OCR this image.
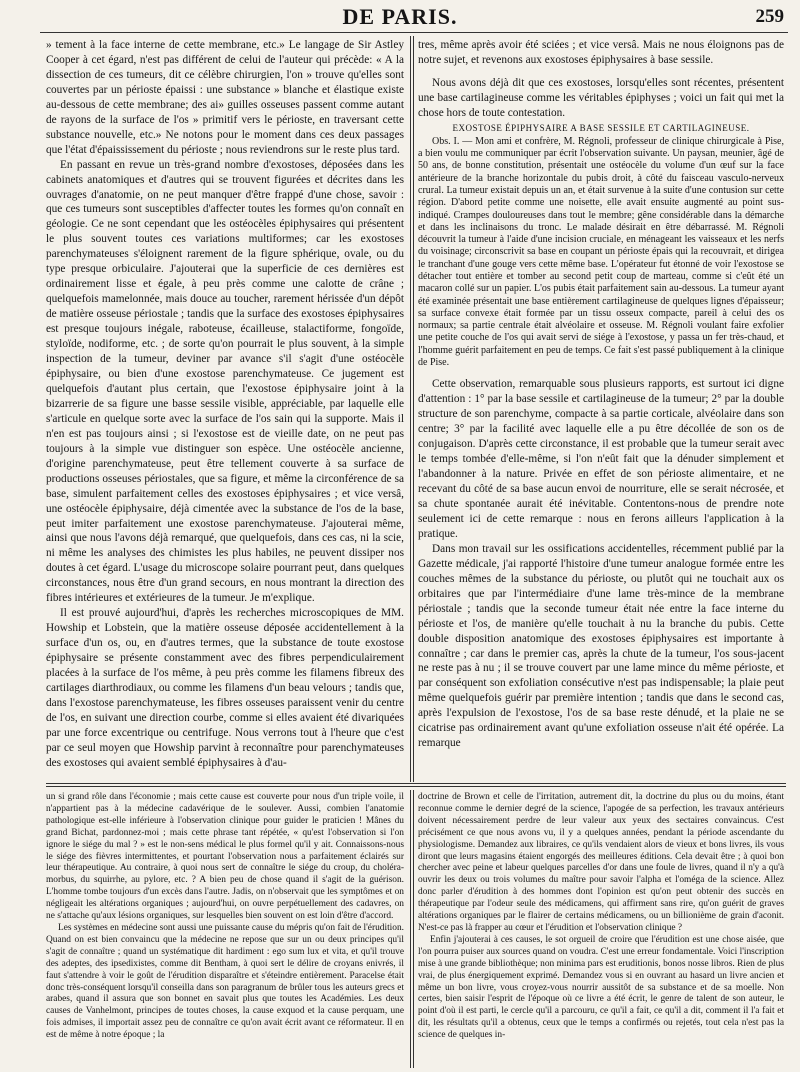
DE PARIS.	259

» tement à la face interne de cette membrane, etc.» Le langage de Sir Astley Cooper à cet égard, n'est pas différent de celui de l'auteur qui précède: « A la dissection de ces tumeurs, dit ce célèbre chirurgien, l'on » trouve qu'elles sont couvertes par un périoste épaissi : une substance » blanche et élastique existe au-dessous de cette membrane; des ai» guilles osseuses passent comme autant de rayons de la surface de l'os » primitif vers le périoste, en traversant cette substance nouvelle, etc.» Ne notons pour le moment dans ces deux passages que l'état d'épaississement du périoste ; nous reviendrons sur le reste plus tard.

En passant en revue un très-grand nombre d'exostoses, déposées dans les cabinets anatomiques et d'autres qui se trouvent figurées et décrites dans les ouvrages d'anatomie, on ne peut manquer d'être frappé d'une chose, savoir : que ces tumeurs sont susceptibles d'affecter toutes les formes qu'on connaît en géologie. Ce ne sont cependant que les ostéocèles épiphysaires qui présentent le plus souvent toutes ces variations multiformes; car les exostoses parenchymateuses s'éloignent rarement de la figure sphérique, ovale, ou du type presque orbiculaire. J'ajouterai que la superficie de ces dernières est ordinairement lisse et égale, à peu près comme une calotte de crâne ; quelquefois mamelonnée, mais douce au toucher, rarement hérissée d'un dépôt de matière osseuse périostale ; tandis que la surface des exostoses épiphysaires est presque toujours inégale, raboteuse, écailleuse, stalactiforme, fongoïde, styloïde, nodiforme, etc. ; de sorte qu'on pourrait le plus souvent, à la simple inspection de la tumeur, deviner par avance s'il s'agit d'une ostéocèle épiphysaire, ou bien d'une exostose parenchymateuse. Ce jugement est quelquefois d'autant plus certain, que l'exostose épiphysaire joint à la bizarrerie de sa figure une basse sessile visible, appréciable, par laquelle elle s'articule en quelque sorte avec la surface de l'os sain qui la supporte. Mais il n'en est pas toujours ainsi ; si l'exostose est de vieille date, on ne peut pas toujours à la simple vue distinguer son espèce. Une ostéocèle ancienne, d'origine parenchymateuse, peut être tellement couverte à sa surface de productions osseuses périostales, que sa figure, et même la circonférence de sa base, simulent parfaitement celles des exostoses épiphysaires ; et vice versâ, une ostéocèle épiphysaire, déjà cimentée avec la substance de l'os de la base, peut imiter parfaitement une exostose parenchymateuse. J'ajouterai même, ainsi que nous l'avons déjà remarqué, que quelquefois, dans ces cas, ni la scie, ni même les analyses des chimistes les plus habiles, ne peuvent dissiper nos doutes à cet égard. L'usage du microscope solaire pourrant peut, dans quelques circonstances, nous être d'un grand secours, en nous montrant la direction des fibres intérieures et extérieures de la tumeur. Je m'explique.

Il est prouvé aujourd'hui, d'après les recherches microscopiques de MM. Howship et Lobstein, que la matière osseuse déposée accidentellement à la surface d'un os, ou, en d'autres termes, que la substance de toute exostose épiphysaire se présente constamment avec des fibres perpendiculairement placées à la surface de l'os même, à peu près comme les filamens fibreux des cartilages diarthrodiaux, ou comme les filamens d'un beau velours ; tandis que, dans l'exostose parenchymateuse, les fibres osseuses paraissent venir du centre de l'os, en suivant une direction courbe, comme si elles avaient été divariquées par une force excentrique ou centrifuge. Nous verrons tout à l'heure que c'est par ce seul moyen que Howship parvint à reconnaître pour parenchymateuses des exostoses qui avaient semblé épiphysaires à d'au-

tres, même après avoir été sciées ; et vice versâ. Mais ne nous éloignons pas de notre sujet, et revenons aux exostoses épiphysaires à base sessile.

Nous avons déjà dit que ces exostoses, lorsqu'elles sont récentes, présentent une base cartilagineuse comme les véritables épiphyses ; voici un fait qui met la chose hors de toute contestation.

EXOSTOSE ÉPIPHYSAIRE A BASE SESSILE ET CARTILAGINEUSE.

Obs. I. — Mon ami et confrère, M. Régnoli, professeur de clinique chirurgicale à Pise, a bien voulu me communiquer par écrit l'observation suivante. Un paysan, meunier, âgé de 50 ans, de bonne constitution, présentait une ostéocèle du volume d'un œuf sur la face antérieure de la branche horizontale du pubis droit, à côté du faisceau vasculo-nerveux crural. La tumeur existait depuis un an, et était survenue à la suite d'une contusion sur cette région. D'abord petite comme une noisette, elle avait ensuite augmenté au point sus-indiqué. Crampes douloureuses dans tout le membre; gêne considérable dans la démarche et dans les inclinaisons du tronc. Le malade désirait en être débarrassé. M. Régnoli découvrit la tumeur à l'aide d'une incision cruciale, en ménageant les vaisseaux et les nerfs du voisinage; circonscrivit sa base en coupant un périoste épais qui la recouvrait, et dirigea le tranchant d'une gouge vers cette même base. L'opérateur fut étonné de voir l'exostose se détacher tout entière et tomber au second petit coup de marteau, comme si c'eût été un macaron collé sur un papier. L'os pubis était parfaitement sain au-dessous. La tumeur ayant été examinée présentait une base entièrement cartilagineuse de quelques lignes d'épaisseur; sa surface convexe était formée par un tissu osseux compacte, pareil à celui des os normaux; sa partie centrale était alvéolaire et osseuse. M. Régnoli voulant faire exfolier une petite couche de l'os qui avait servi de siége à l'exostose, y passa un fer très-chaud, et l'homme guérit parfaitement en peu de temps. Ce fait s'est passé publiquement à la clinique de Pise.

Cette observation, remarquable sous plusieurs rapports, est surtout ici digne d'attention : 1° par la base sessile et cartilagineuse de la tumeur; 2° par la double structure de son parenchyme, compacte à sa partie corticale, alvéolaire dans son centre; 3° par la facilité avec laquelle elle a pu être décollée de son os de conjugaison. D'après cette circonstance, il est probable que la tumeur serait avec le temps tombée d'elle-même, si l'on n'eût fait que la dénuder simplement et l'abandonner à la nature. Privée en effet de son périoste alimentaire, et ne recevant du côté de sa base aucun envoi de nourriture, elle se serait nécrosée, et sa chute spontanée aurait été inévitable. Contentons-nous de prendre note seulement ici de cette remarque : nous en ferons ailleurs l'application à la pratique.

Dans mon travail sur les ossifications accidentelles, récemment publié par la Gazette médicale, j'ai rapporté l'histoire d'une tumeur analogue formée entre les couches mêmes de la substance du périoste, ou plutôt qui ne touchait aux os orbitaires que par l'intermédiaire d'une lame très-mince de la membrane périostale ; tandis que la seconde tumeur était née entre la face interne du périoste et l'os, de manière qu'elle touchait à nu la branche du pubis. Cette double disposition anatomique des exostoses épiphysaires est importante à connaître ; car dans le premier cas, après la chute de la tumeur, l'os sous-jacent ne reste pas à nu ; il se trouve couvert par une lame mince du même périoste, et par conséquent son exfoliation consécutive n'est pas indispensable; la plaie peut même quelquefois guérir par première intention ; tandis que dans le second cas, après l'expulsion de l'exostose, l'os de sa base reste dénudé, et la plaie ne se cicatrise pas ordinairement avant qu'une exfoliation osseuse n'ait été opérée. La remarque

un si grand rôle dans l'économie ; mais cette cause est couverte pour nous d'un triple voile, il n'appartient pas à la médecine cadavérique de le soulever. Aussi, combien l'anatomie pathologique est-elle inférieure à l'observation clinique pour guider le praticien ! Mânes du grand Bichat, pardonnez-moi ; mais cette phrase tant répétée, « qu'est l'observation si l'on ignore le siége du mal ? » est le non-sens médical le plus formel qu'il y ait. Connaissons-nous le siége des fièvres intermittentes, et pourtant l'observation nous a parfaitement éclairés sur leur thérapeutique. Au contraire, à quoi nous sert de connaître le siége du croup, du choléra-morbus, du squirrhe, au pylore, etc. ? A bien peu de chose quand il s'agit de la guérison. L'homme tombe toujours d'un excès dans l'autre. Jadis, on n'observait que les symptômes et on négligeait les altérations organiques ; aujourd'hui, on ouvre perpétuellement des cadavres, on ne s'attache qu'aux lésions organiques, sur lesquelles bien souvent on est loin d'être d'accord.

Les systèmes en médecine sont aussi une puissante cause du mépris qu'on fait de l'érudition. Quand on est bien convaincu que la médecine ne repose que sur un ou deux principes qu'il s'agit de connaître ; quand un systématique dit hardiment : ego sum lux et vita, et qu'il trouve des adeptes, des ipsedixistes, comme dit Bentham, à quoi sert le délire de croyans enivrés, il faut s'attendre à voir le goût de l'érudition disparaître et s'éteindre entièrement. Paracelse était donc très-conséquent lorsqu'il conseilla dans son paragranum de brûler tous les auteurs grecs et arabes, quand il assura que son bonnet en savait plus que toutes les Académies. Les deux causes de Vanhelmont, principes de toutes choses, la cause exquod et la cause perquam, une fois admises, il importait assez peu de connaître ce qu'on avait écrit avant ce réformateur. Il en est de même à notre époque ; la

doctrine de Brown et celle de l'irritation, autrement dit, la doctrine du plus ou du moins, étant reconnue comme le dernier degré de la science, l'apogée de sa perfection, les travaux antérieurs doivent nécessairement perdre de leur valeur aux yeux des sectaires convaincus. C'est précisément ce que nous avons vu, il y a quelques années, pendant la période ascendante du physiologisme. Demandez aux libraires, ce qu'ils vendaient alors de vieux et bons livres, ils vous diront que leurs magasins étaient engorgés des meilleures éditions. Cela devait être ; à quoi bon chercher avec peine et labeur quelques parcelles d'or dans une foule de livres, quand il n'y a qu'à ouvrir les deux ou trois volumes du maître pour savoir l'alpha et l'oméga de la science. Allez donc parler d'érudition à des hommes dont l'opinion est qu'on peut obtenir des succès en thérapeutique par l'odeur seule des médicamens, qui affirment sans rire, qu'on guérit de graves altérations organiques par le flairer de certains médicamens, ou un billionième de grain d'aconit. N'est-ce pas là frapper au cœur et l'érudition et l'observation clinique ?

Enfin j'ajouterai à ces causes, le sot orgueil de croire que l'érudition est une chose aisée, que l'on pourra puiser aux sources quand on voudra. C'est une erreur fondamentale. Voici l'inscription mise à une grande bibliothèque; non minima pars est eruditionis, bonos nosse libros. Rien de plus vrai, de plus énergiquement exprimé. Demandez vous si en ouvrant au hasard un livre ancien et même un bon livre, vous croyez-vous nourrir aussitôt de sa substance et de sa moelle. Non certes, bien saisir l'esprit de l'époque où ce livre a été écrit, le genre de talent de son auteur, le point d'où il est parti, le cercle qu'il a parcouru, ce qu'il a fait, ce qu'il a dit, comment il l'a fait et dit, les résultats qu'il a obtenus, ceux que le temps a confirmés ou rejetés, tout cela n'est pas la science de quelques in-
